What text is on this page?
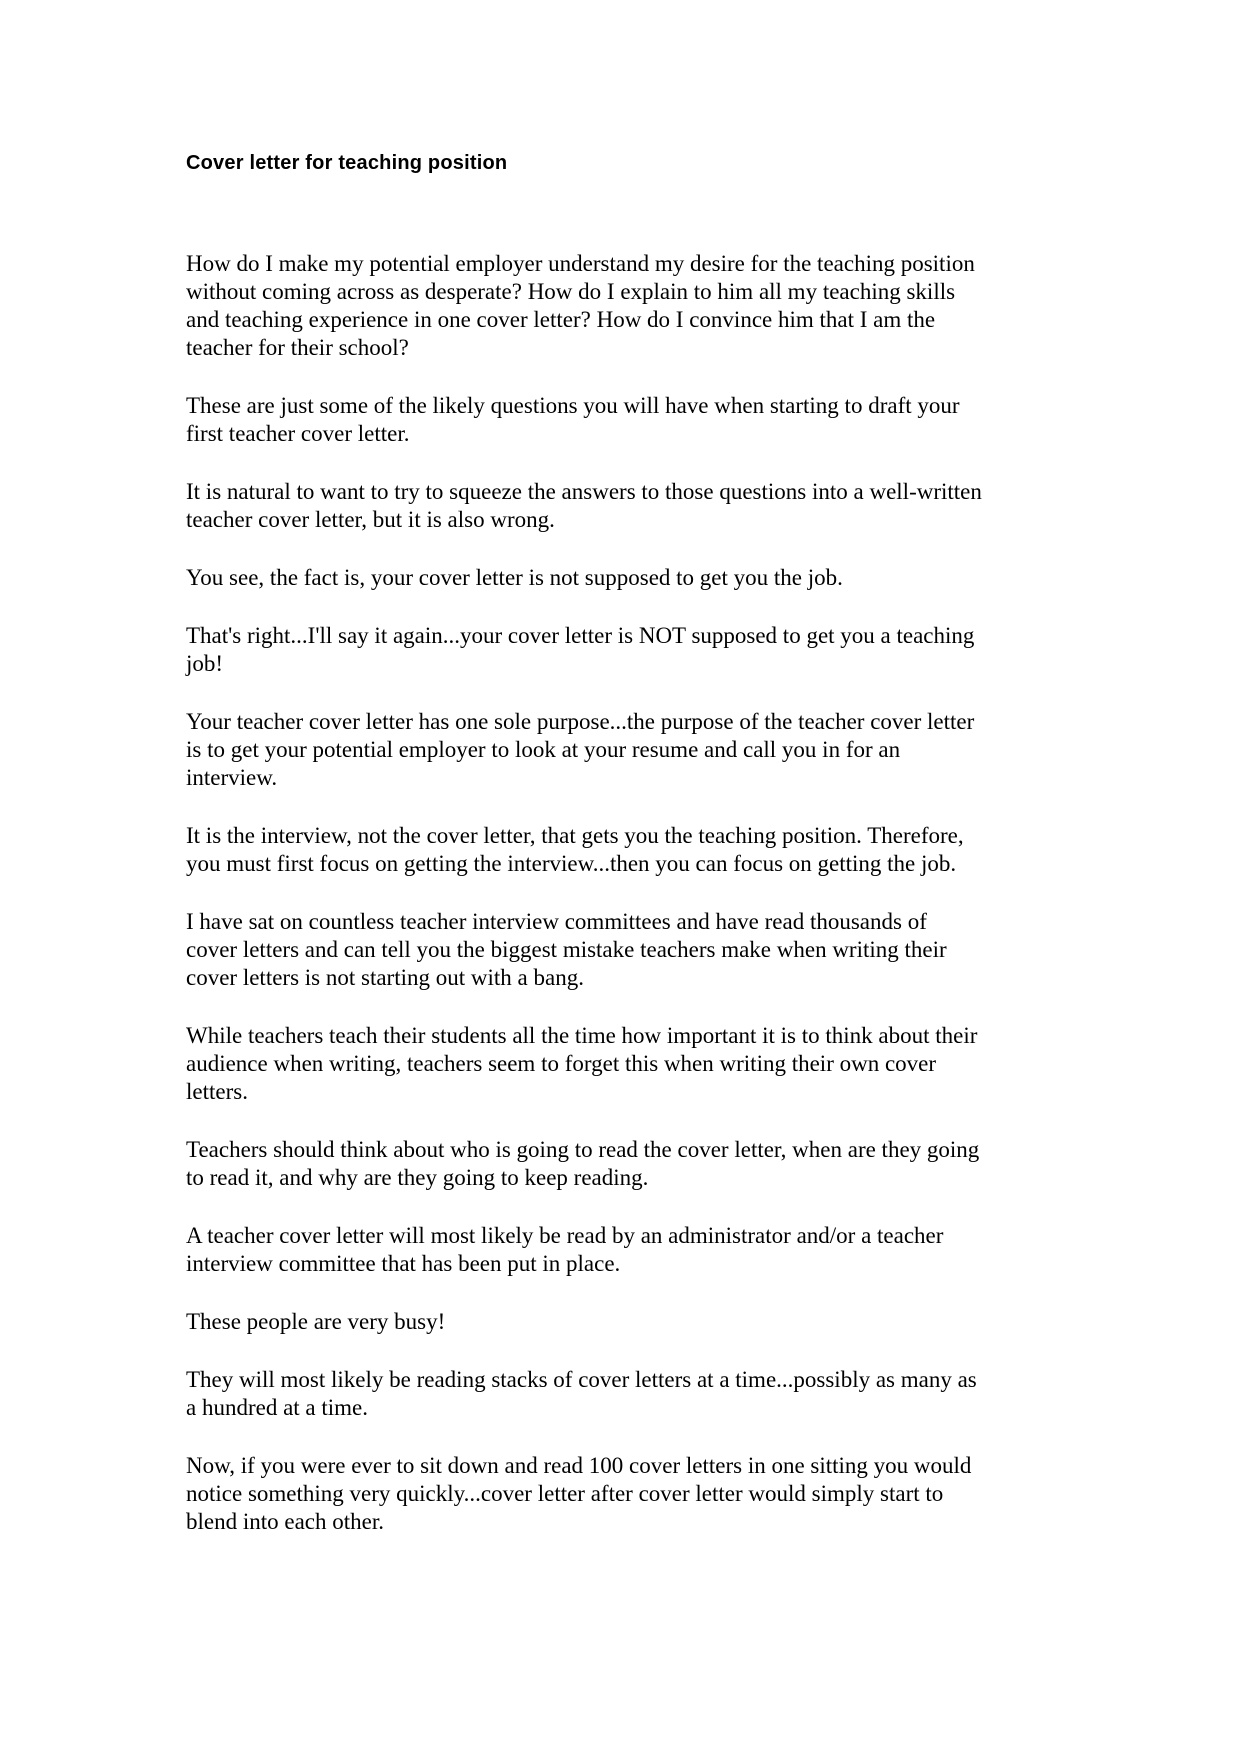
Cover letter for teaching position

How do I make my potential employer understand my desire for the teaching position
without coming across as desperate? How do I explain to him all my teaching skills
and teaching experience in one cover letter? How do I convince him that I am the
teacher for their school?

These are just some of the likely questions you will have when starting to draft your
first teacher cover letter.

It is natural to want to try to squeeze the answers to those questions into a well-written
teacher cover letter, but it is also wrong.

You see, the fact is, your cover letter is not supposed to get you the job.

That's right...I'll say it again...your cover letter is NOT supposed to get you a teaching
job!

Your teacher cover letter has one sole purpose...the purpose of the teacher cover letter
is to get your potential employer to look at your resume and call you in for an
interview.

It is the interview, not the cover letter, that gets you the teaching position. Therefore,
you must first focus on getting the interview...then you can focus on getting the job.

I have sat on countless teacher interview committees and have read thousands of
cover letters and can tell you the biggest mistake teachers make when writing their
cover letters is not starting out with a bang.

While teachers teach their students all the time how important it is to think about their
audience when writing, teachers seem to forget this when writing their own cover
letters.

Teachers should think about who is going to read the cover letter, when are they going
to read it, and why are they going to keep reading.

A teacher cover letter will most likely be read by an administrator and/or a teacher
interview committee that has been put in place.

These people are very busy!

They will most likely be reading stacks of cover letters at a time...possibly as many as
a hundred at a time.

Now, if you were ever to sit down and read 100 cover letters in one sitting you would
notice something very quickly...cover letter after cover letter would simply start to
blend into each other.
